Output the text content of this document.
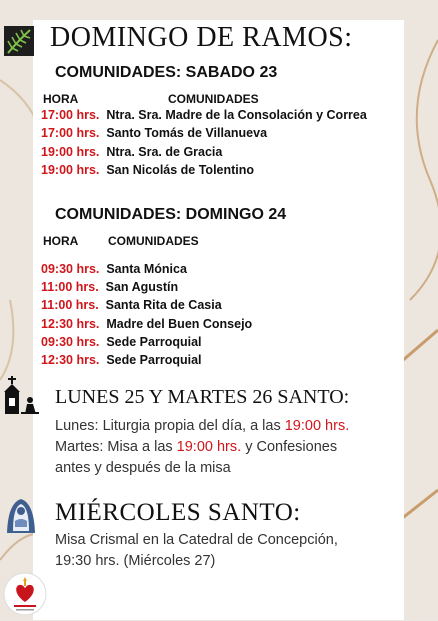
DOMINGO DE RAMOS:
COMUNIDADES: SABADO 23
HORA	COMUNIDADES
17:00 hrs. Ntra. Sra. Madre de la Consolación y Correa
17:00 hrs. Santo Tomás de Villanueva
19:00 hrs. Ntra. Sra. de Gracia
19:00 hrs. San Nicolás de Tolentino
COMUNIDADES: DOMINGO 24
HORA COMUNIDADES
09:30 hrs. Santa Mónica
11:00 hrs. San Agustín
11:00 hrs. Santa Rita de Casia
12:30 hrs. Madre del Buen Consejo
09:30 hrs. Sede Parroquial
12:30 hrs. Sede Parroquial
LUNES 25 Y MARTES 26 SANTO:
Lunes: Liturgia propia del día, a las 19:00 hrs.
Martes: Misa a las 19:00 hrs. y Confesiones
antes y después de la misa
MIÉRCOLES SANTO:
Misa Crismal en la Catedral de Concepción,
19:30 hrs. (Miércoles 27)
